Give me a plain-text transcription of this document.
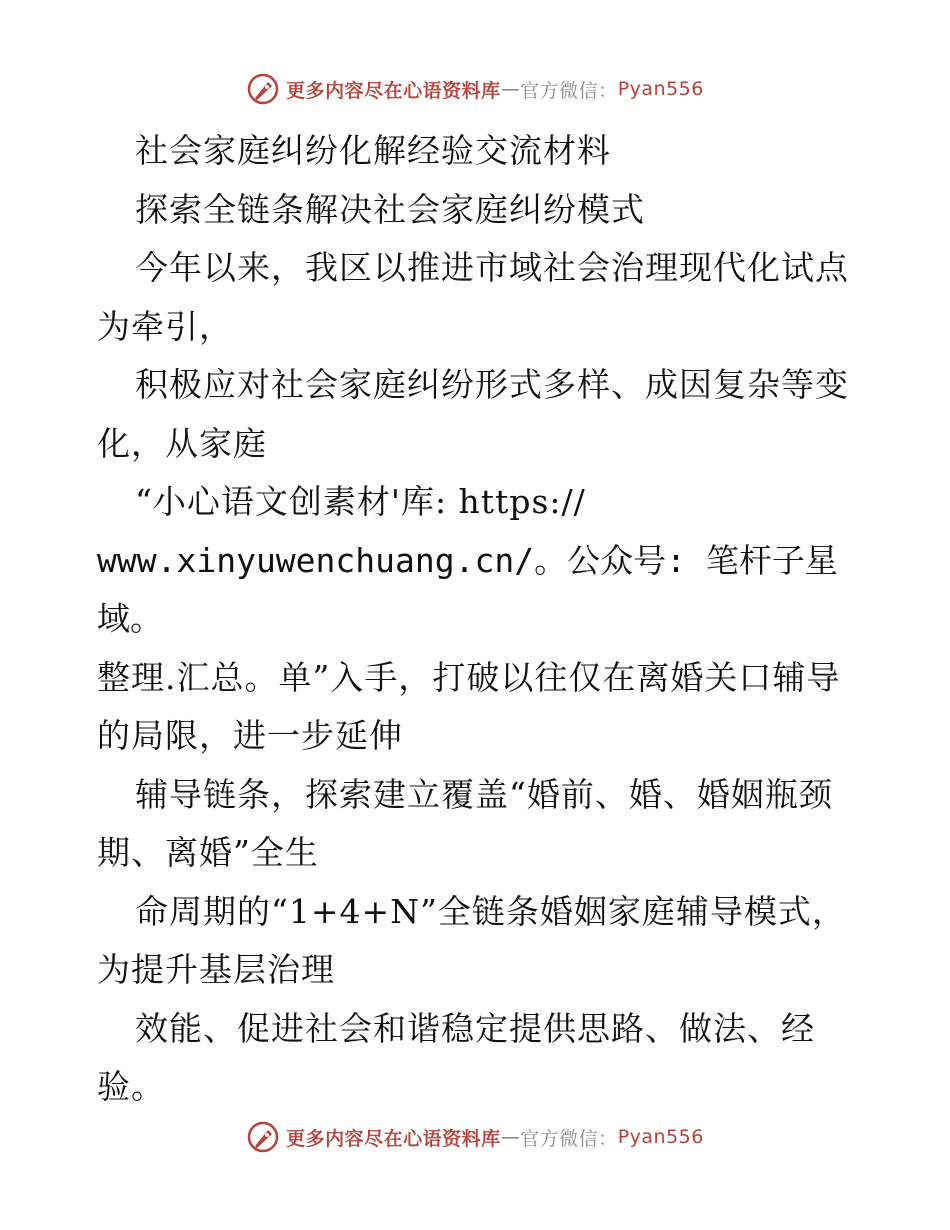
更多内容尽在心语资料库 — 官方微信： Pyan556

社会家庭纠纷化解经验交流材料

探索全链条解决社会家庭纠纷模式

今年以来，我区以推进市域社会治理现代化试点为牵引，

积极应对社会家庭纠纷形式多样、成因复杂等变化，从家庭

“小心语文创素材'库: https://

www.xinyuwenchuang.cn/。公众号: 笔杆子星域。

整理.汇总。单”入手，打破以往仅在离婚关口辅导的局限，进一步延伸

辅导链条，探索建立覆盖“婚前、婚、婚姻瓶颈期、离婚”全生

命周期的“1+4+N”全链条婚姻家庭辅导模式，为提升基层治理

效能、促进社会和谐稳定提供思路、做法、经验。

更多内容尽在心语资料库 — 官方微信： Pyan556
